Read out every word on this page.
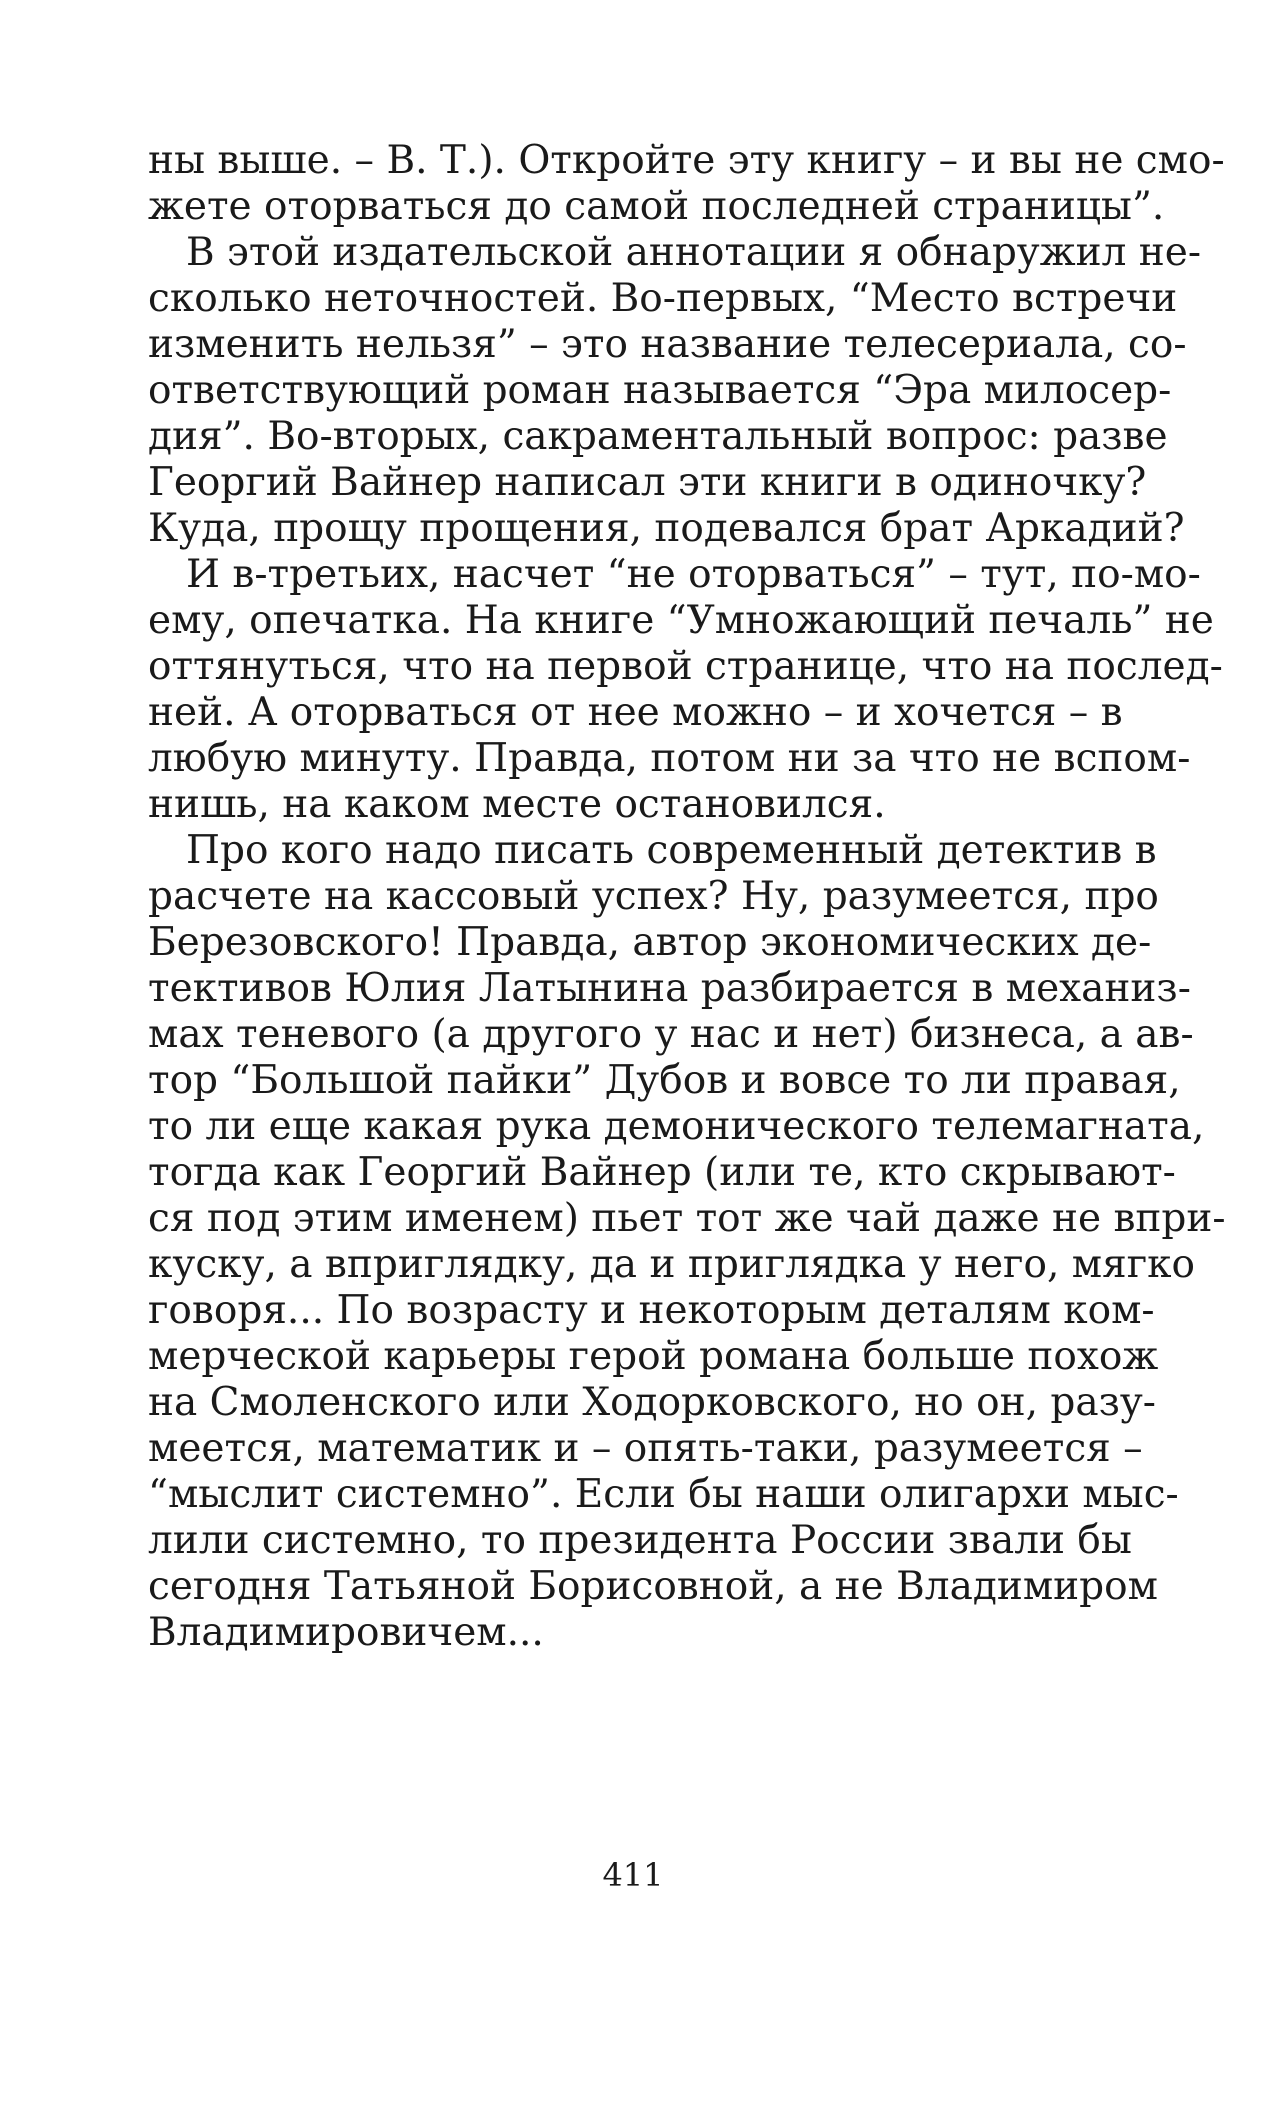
ны выше. – В. Т.). Откройте эту книгу – и вы не смо-
жете оторваться до самой последней страницы”.
В этой издательской аннотации я обнаружил не-
сколько неточностей. Во-первых, “Место встречи
изменить нельзя” – это название телесериала, со-
ответствующий роман называется “Эра милосер-
дия”. Во-вторых, сакраментальный вопрос: разве
Георгий Вайнер написал эти книги в одиночку?
Куда, прощу прощения, подевался брат Аркадий?
И в-третьих, насчет “не оторваться” – тут, по-мо-
ему, опечатка. На книге “Умножающий печаль” не
оттянуться, что на первой странице, что на послед-
ней. А оторваться от нее можно – и хочется – в
любую минуту. Правда, потом ни за что не вспом-
нишь, на каком месте остановился.
Про кого надо писать современный детектив в
расчете на кассовый успех? Ну, разумеется, про
Березовского! Правда, автор экономических де-
тективов Юлия Латынина разбирается в механиз-
мах теневого (а другого у нас и нет) бизнеса, а ав-
тор “Большой пайки” Дубов и вовсе то ли правая,
то ли еще какая рука демонического телемагната,
тогда как Георгий Вайнер (или те, кто скрывают-
ся под этим именем) пьет тот же чай даже не впри-
куску, а вприглядку, да и приглядка у него, мягко
говоря... По возрасту и некоторым деталям ком-
мерческой карьеры герой романа больше похож
на Смоленского или Ходорковского, но он, разу-
меется, математик и – опять-таки, разумеется –
“мыслит системно”. Если бы наши олигархи мыс-
лили системно, то президента России звали бы
сегодня Татьяной Борисовной, а не Владимиром
Владимировичем...
411
